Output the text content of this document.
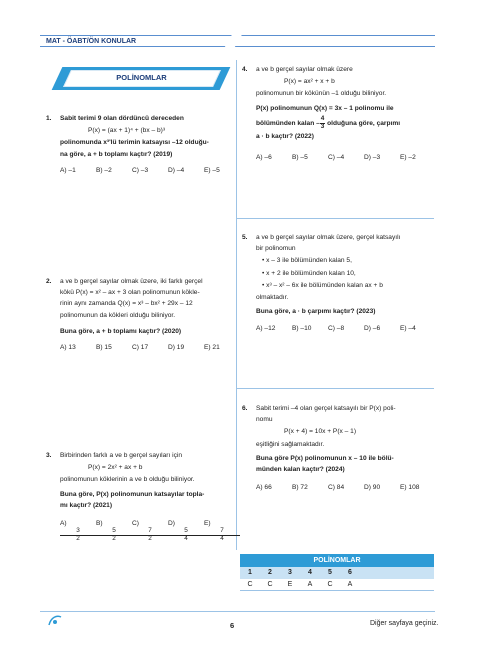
MAT - ÖABT/ÖN KONULAR
POLİNOMLAR
1. Sabit terimi 9 olan dördüncü dereceden
P(x) = (ax + 1)⁴ + (bx – b)³
polinomunda x³'lü terimin katsayısı –12 olduğu-
na göre, a + b toplamı kaçtır? (2019)
A) –1	B) –2	C) –3	D) –4	E) –5
2. a ve b gerçel sayılar olmak üzere, iki farklı gerçel
kökü P(x) = x² – ax + 3 olan polinomunun kökle-
rinin aynı zamanda Q(x) = x³ – bx² + 29x – 12
polinomunun da kökleri olduğu biliniyor.
Buna göre, a + b toplamı kaçtır? (2020)
A) 13	B) 15	C) 17	D) 19	E) 21
3. Birbirinden farklı a ve b gerçel sayıları için
P(x) = 2x² + ax + b
polinomunun köklerinin a ve b olduğu biliniyor.
Buna göre, P(x) polinomunun katsayılar topla-
mı kaçtır? (2021)
A)
$\frac{3}{2}$
B)
$\frac{5}{2}$
C)
$\frac{7}{2}$
D)
$\frac{5}{4}$
E)
$\frac{7}{4}$
4. a ve b gerçel sayılar olmak üzere
P(x) = ax² + x + b
polinomunun bir kökünün –1 olduğu biliniyor.
P(x) polinomunun Q(x) = 3x – 1 polinomu ile
bölümünden kalan – $\frac{4}{3}$ olduğuna göre, çarpımı
a · b kaçtır? (2022)
A) –6	B) –5	C) –4	D) –3	E) –2
5. a ve b gerçel sayılar olmak üzere, gerçel katsayılı
bir polinomun
• x – 3 ile bölümünden kalan 5,
• x + 2 ile bölümünden kalan 10,
• x³ – x² – 6x ile bölümünden kalan ax + b
olmaktadır.
Buna göre, a · b çarpımı kaçtır? (2023)
A) –12	B) –10	C) –8	D) –6	E) –4
6. Sabit terimi –4 olan gerçel katsayılı bir P(x) poli-
nomu
P(x + 4) = 10x + P(x – 1)
eşitliğini sağlamaktadır.
Buna göre P(x) polinomunun x – 10 ile bölü-
münden kalan kaçtır? (2024)
A) 66	B) 72	C) 84	D) 90	E) 108
POLİNOMLAR
1	2	3	4	5	6
C	C	E	A	C	A
6	Diğer sayfaya geçiniz.
